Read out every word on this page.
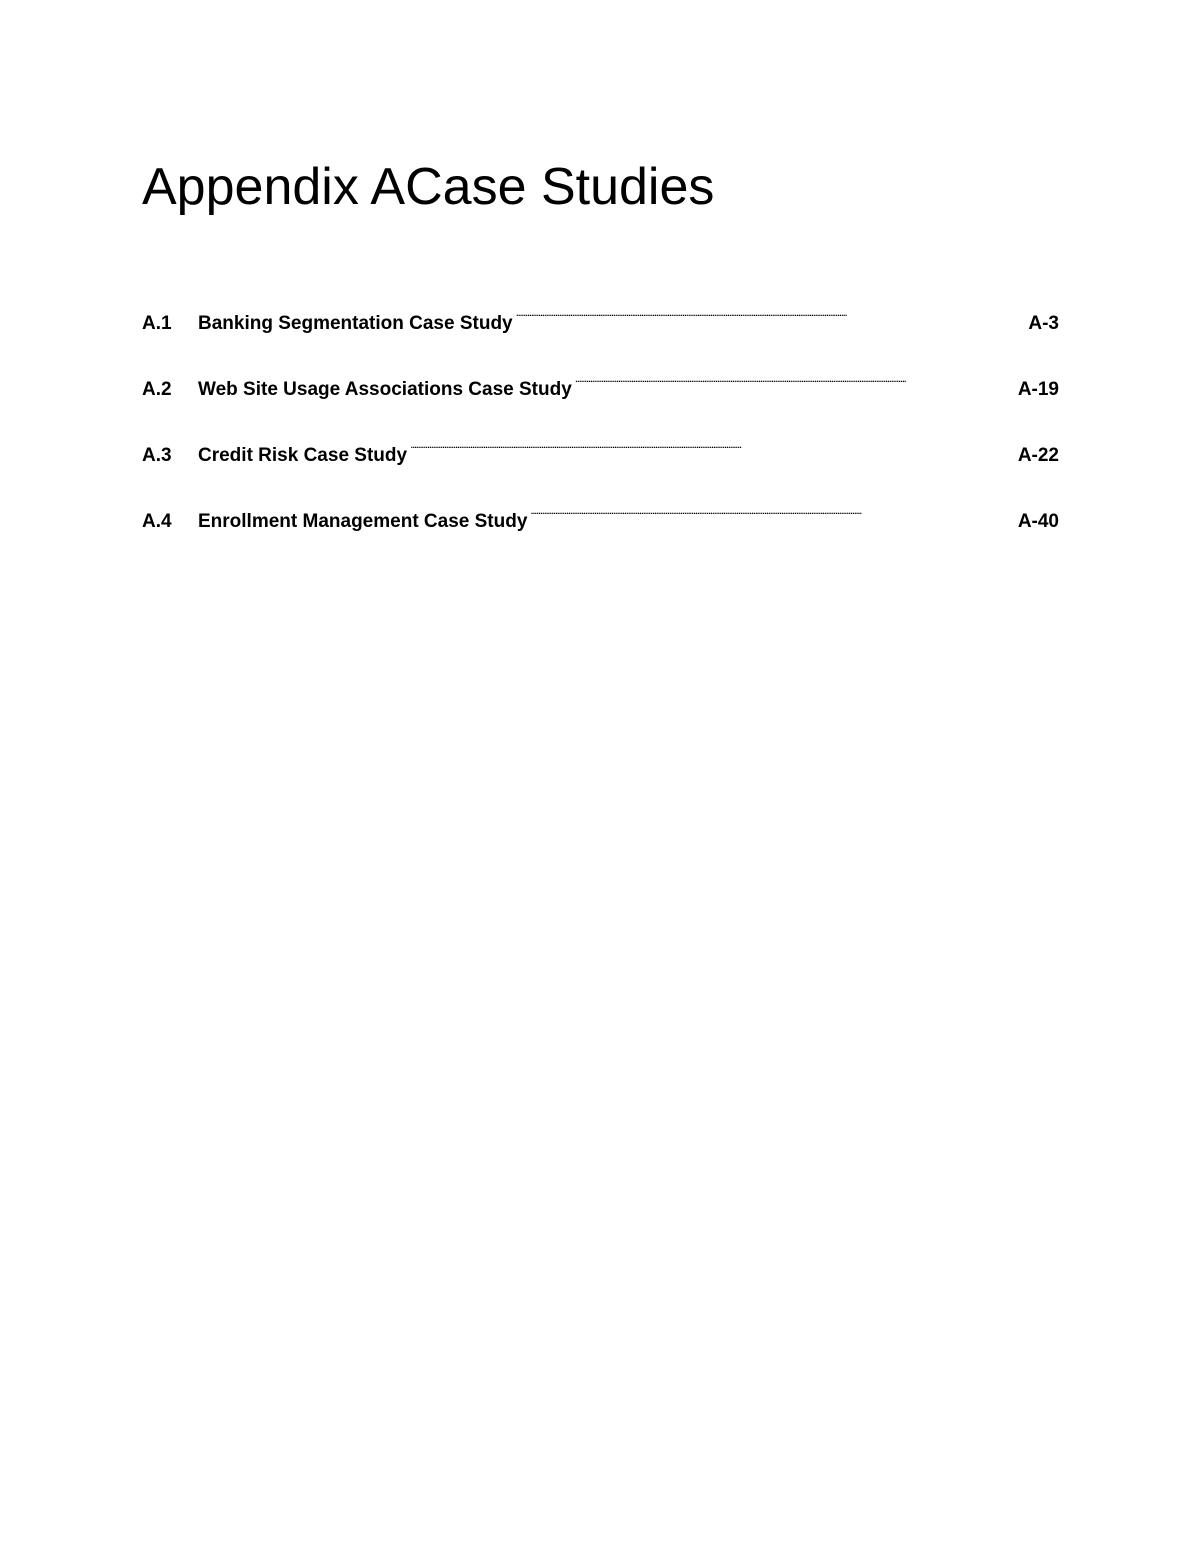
Appendix ACase Studies
A.1	Banking Segmentation Case Study . . .	A-3
A.2	Web Site Usage Associations Case Study . . .	A-19
A.3	Credit Risk Case Study . . .	A-22
A.4	Enrollment Management Case Study . . .	A-40
